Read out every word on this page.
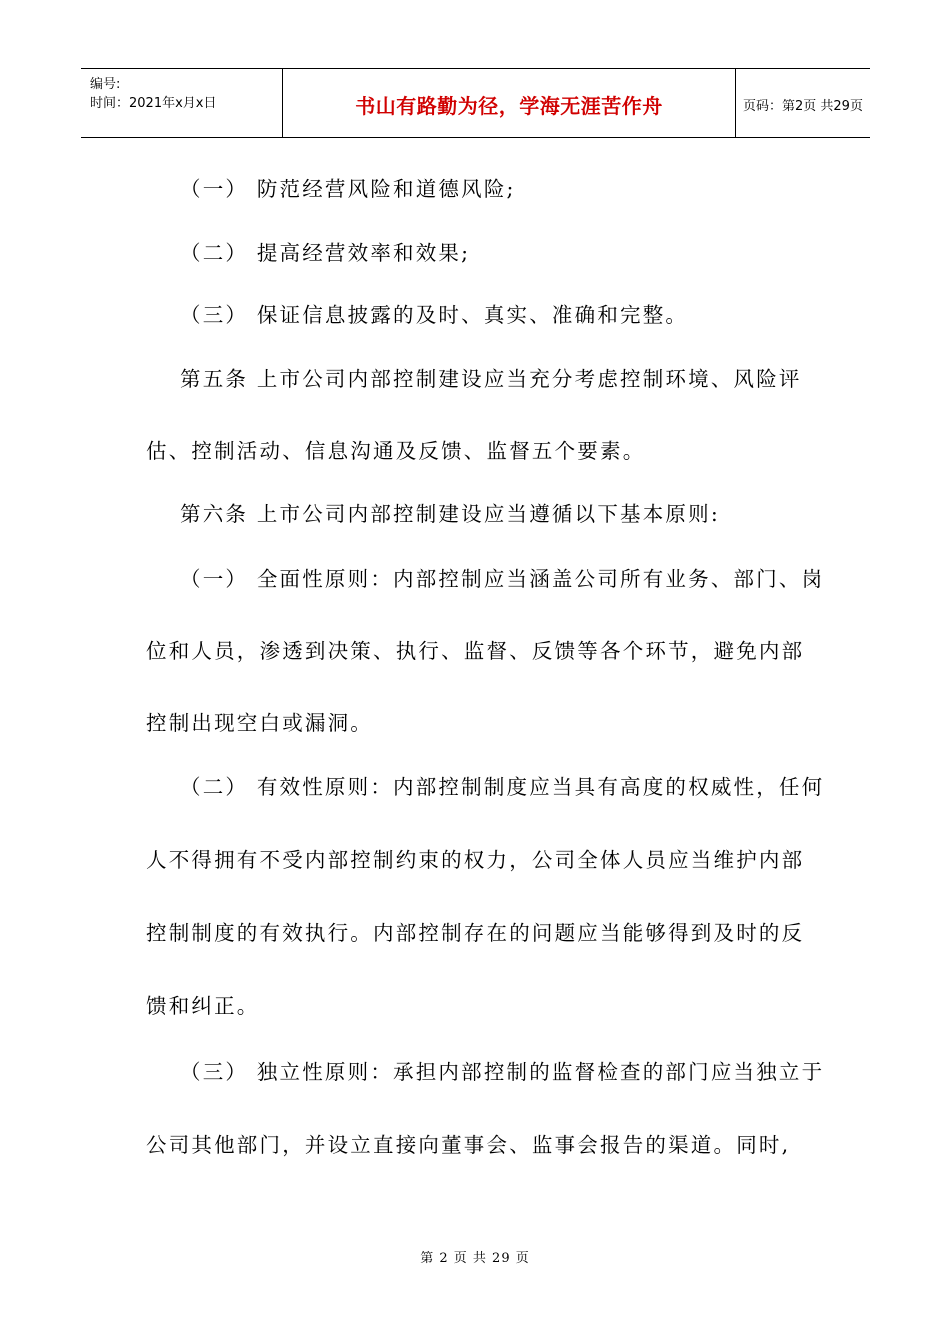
编号:
时间：2021年x月x日	书山有路勤为径，学海无涯苦作舟	页码：第2页 共29页
（一） 防范经营风险和道德风险;
（二） 提高经营效率和效果;
（三） 保证信息披露的及时、真实、准确和完整。
第五条 上市公司内部控制建设应当充分考虑控制环境、风险评
估、控制活动、信息沟通及反馈、监督五个要素。
第六条 上市公司内部控制建设应当遵循以下基本原则:
（一） 全面性原则：内部控制应当涵盖公司所有业务、部门、岗
位和人员，渗透到决策、执行、监督、反馈等各个环节，避免内部
控制出现空白或漏洞。
（二） 有效性原则：内部控制制度应当具有高度的权威性，任何
人不得拥有不受内部控制约束的权力，公司全体人员应当维护内部
控制制度的有效执行。内部控制存在的问题应当能够得到及时的反
馈和纠正。
（三） 独立性原则：承担内部控制的监督检查的部门应当独立于
公司其他部门，并设立直接向董事会、监事会报告的渠道。同时,
第 2 页 共 29 页
